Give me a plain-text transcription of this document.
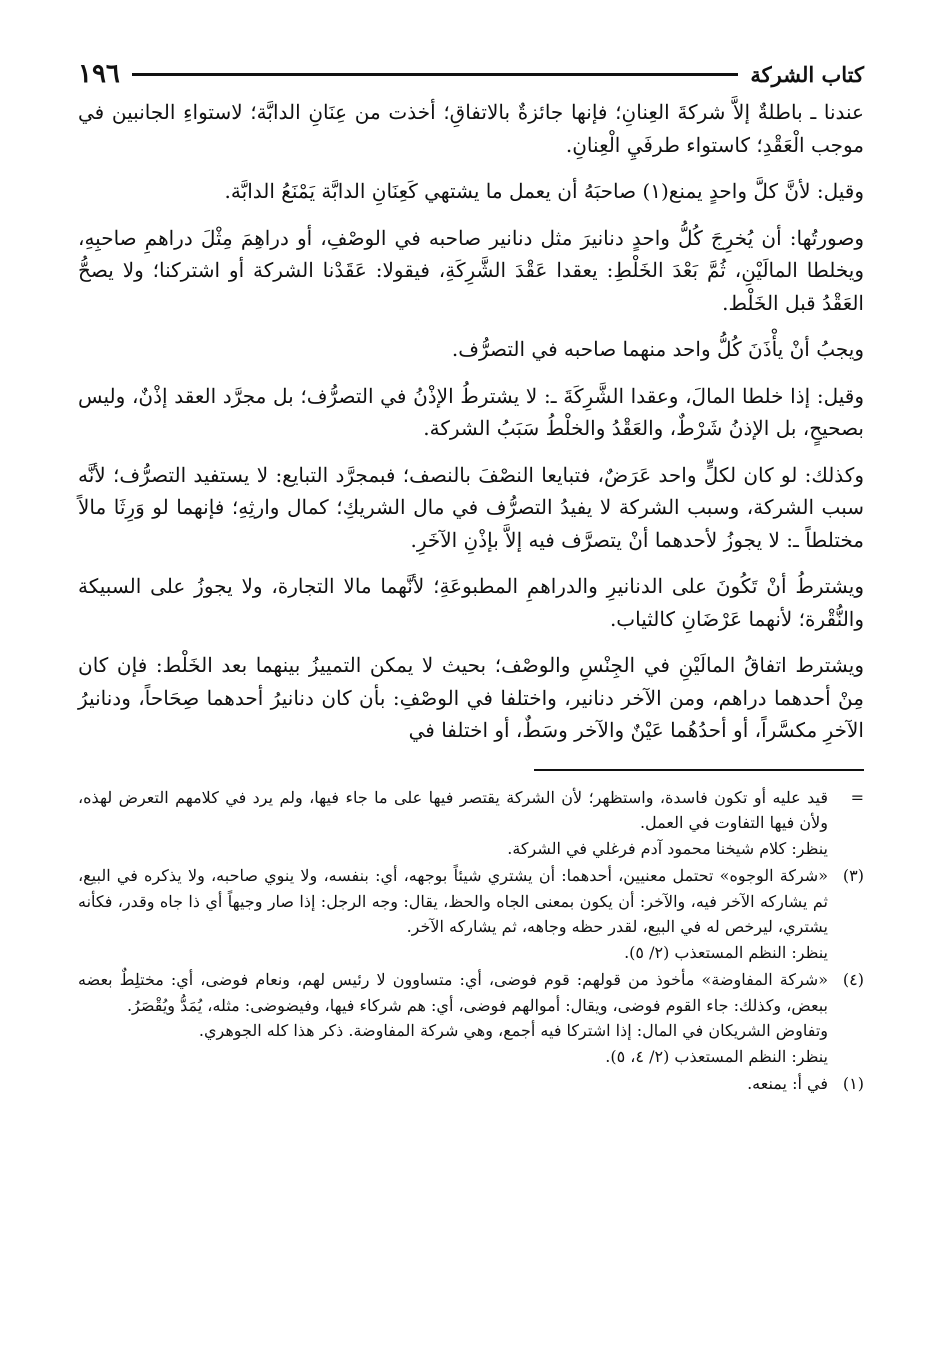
كتاب الشركة
١٩٦

عندنا ـ باطلةٌ إلاَّ شركةَ العِنانِ؛ فإنها جائزةٌ بالاتفاقِ؛ أخذت من عِنَانِ الدابَّة؛ لاستواءِ الجانبين في موجب الْعَقْدِ؛ كاستواء طرفَيِ الْعِنانِ.

وقيل: لأنَّ كلَّ واحدٍ يمنع(١) صاحبَهُ أن يعمل ما يشتهي كَعِنَانِ الدابَّة يَمْنَعُ الدابَّة.

وصورتُها: أن يُخرِجَ كُلُّ واحدٍ دنانيرَ مثل دنانير صاحبه في الوصْفِ، أو دراهِمَ مِثْلَ دراهمِ صاحبِهِ، ويخلطا المالَيْنِ، ثُمَّ بَعْدَ الخَلْطِ: يعقدا عَقْدَ الشَّرِكَةِ، فيقولا: عَقَدْنا الشركة أو اشتركنا؛ ولا يصحُّ العَقْدُ قبل الخَلْط.

ويجبُ أنْ يأْذَنَ كُلُّ واحد منهما صاحبه في التصرُّف.

وقيل: إذا خلطا المالَ، وعقدا الشَّرِكَةَ ـ: لا يشترطُ الإذْنُ في التصرُّف؛ بل مجرَّد العقد إذْنٌ، وليس بصحيحٍ، بل الإذنُ شَرْطٌ، والعَقْدُ والخلْطُ سَبَبُ الشركة.

وكذلك: لو كان لكلٍّ واحد عَرَضٌ، فتبايعا النصْفَ بالنصف؛ فبمجرَّد التبايع: لا يستفيد التصرُّف؛ لأنَّه سبب الشركة، وسبب الشركة لا يفيدُ التصرُّف في مال الشريكِ؛ كمال وارثِهِ؛ فإنهما لو وَرِثَا مالاً مختلطاً ـ: لا يجوزُ لأحدهما أنْ يتصرَّف فيه إلاَّ بإذْنِ الآخَرِ.

ويشترطُ أنْ تَكُونَ على الدنانيرِ والدراهمِ المطبوعَةِ؛ لأنَّهما مالا التجارة، ولا يجوزُ على السبيكة والنُّقْرة؛ لأنهما عَرْضَانِ كالثياب.

ويشترط اتفاقُ المالَيْنِ في الجِنْسِ والوصْف؛ بحيث لا يمكن التمييزُ بينهما بعد الخَلْط: فإن كان مِنْ أحدهما دراهم، ومن الآخر دنانير، واختلفا في الوصْفِ: بأن كان دنانيرُ أحدهما صِحَاحاً، ودنانيرُ الآخرِ مكسَّراً، أو أحدُهُما عَيْنٌ والآخر وسَطٌ، أو اختلفا في

=
قيد عليه أو تكون فاسدة، واستظهر؛ لأن الشركة يقتصر فيها على ما جاء فيها، ولم يرد في كلامهم التعرض لهذه، ولأن فيها التفاوت في العمل.
ينظر: كلام شيخنا محمود آدم فرغلي في الشركة.
(٣)
«شركة الوجوه» تحتمل معنيين، أحدهما: أن يشتري شيئاً بوجهه، أي: بنفسه، ولا ينوي صاحبه، ولا يذكره في البيع، ثم يشاركه الآخر فيه، والآخر: أن يكون بمعنى الجاه والحظ، يقال: وجه الرجل: إذا صار وجيهاً أي ذا جاه وقدر، فكأنه يشتري، ليرخص له في البيع، لقدر حظه وجاهه، ثم يشاركه الآخر.
ينظر: النظم المستعذب (٢/ ٥).
(٤)
«شركة المفاوضة» مأخوذ من قولهم: قوم فوضى، أي: متساوون لا رئيس لهم، ونعام فوضى، أي: مختلِطٌ بعضه ببعض، وكذلك: جاء القوم فوضى، ويقال: أموالهم فوضى، أي: هم شركاء فيها، وفيضوضى: مثله، يُمَدُّ ويُقْصَرُ.
وتفاوض الشريكان في المال: إذا اشتركا فيه أجمع، وهي شركة المفاوضة. ذكر هذا كله الجوهري.
ينظر: النظم المستعذب (٢/ ٤، ٥).
(١)
في أ: يمنعه.
